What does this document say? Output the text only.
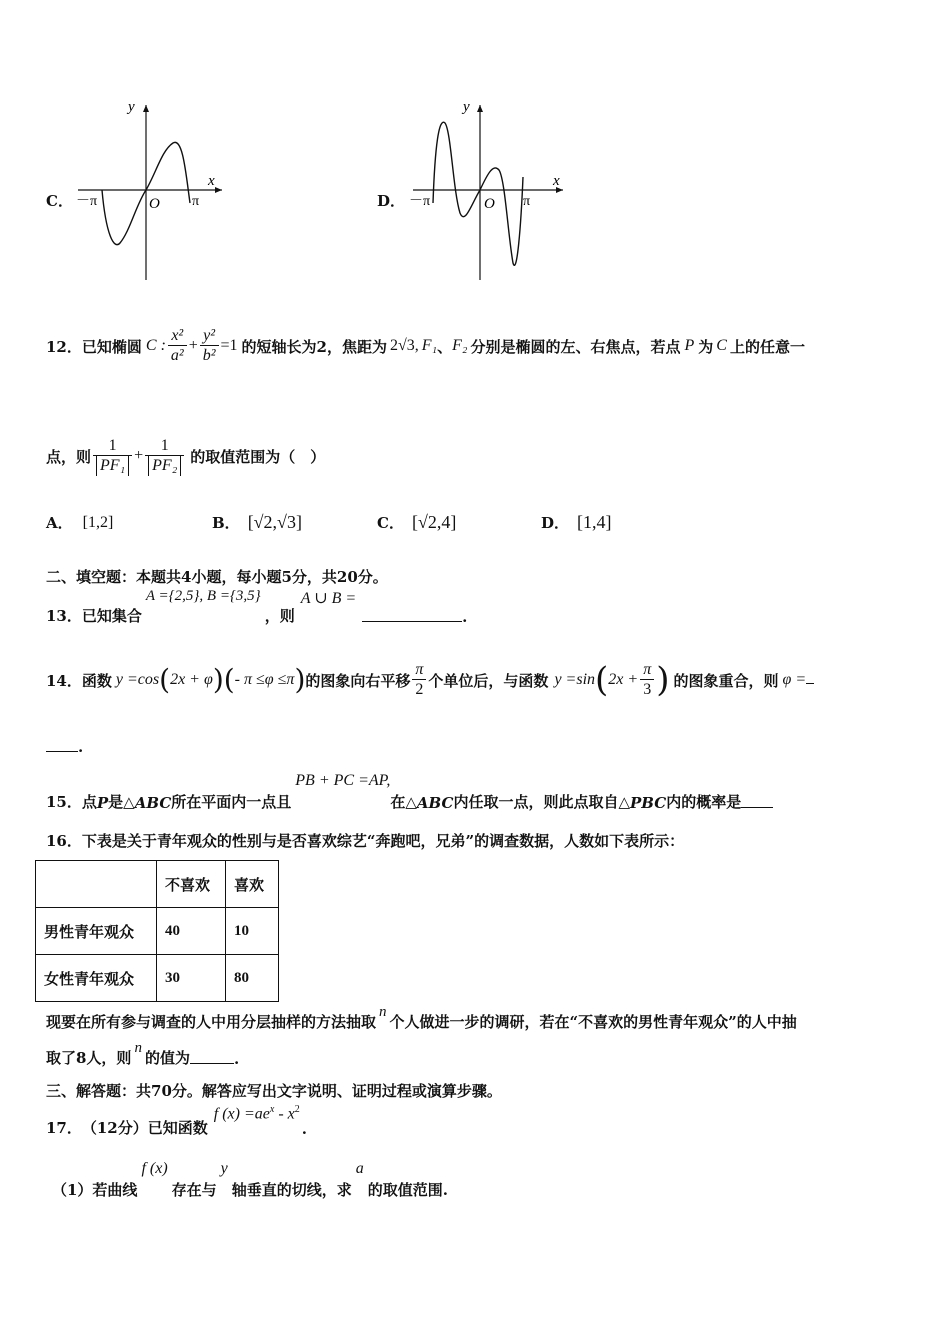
C．
y
x
O
－π	π	D．
y
x
O
－π	π
12． 已知椭圆 C : $\frac{\text{x²}}{\text{a²}} + \frac{\text{y²}}{\text{b²}} =1$ 的短轴长为2，焦距为 2√3, F₁ 、 F₂ 分别是椭圆的左、右焦点，若点 P 为 C 上的任意一
点，则 $\frac{1}{\text{PF₁}} + \frac{1}{\text{PF₂}}$ 的取值范围为（　）
A． [1,2]	B． [√2,√3]	C． [√2,4]	D． [1,4]
二、填空题：本题共4小题，每小题5分，共20分。
13． 已知集合
A ={2,5}, B ={3,5}
，则
A ∪ B =
.
14． 函数 y =cos ( 2x + φ )( - π ≤φ ≤π ) 的图象向右平移 $\frac{\pi}{2}$ 个单位后，与函数 y =sin ( $2x + \frac{\pi}{3}$ ) 的图象重合，则 φ =
.
15． 点 P 是△ ABC 所在平面内一点且
PB + PC =AP,
在△ ABC 内任取一点，则此点取自△ PBC 内的概率是
16．下表是关于青年观众的性别与是否喜欢综艺“奔跑吧，兄弟”的调查数据，人数如下表所示：
	不喜欢	喜欢
男性青年观众	40	10
女性青年观众	30	80
现要在所有参与调查的人中用分层抽样的方法抽取
n
个人做进一步的调研，若在“不喜欢的男性青年观众”的人中抽
取了8人，则
n
的值为	.
三、解答题：共70分。解答应写出文字说明、证明过程或演算步骤。
17． （12分）已知函数
f $(x) =ae^x - x^2$
.
（1）若曲线
f (x)
存在与
y
轴垂直的切线，求
a
的取值范围.
